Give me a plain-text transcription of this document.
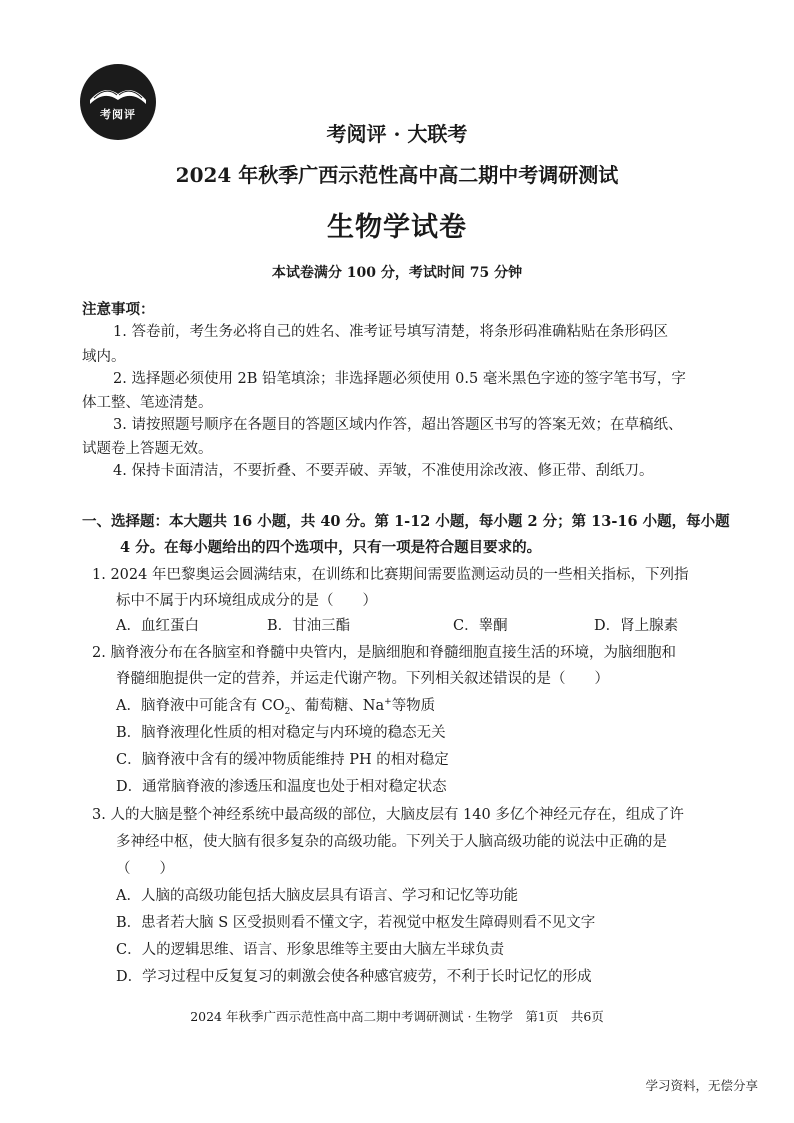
考阅评
考阅评 · 大联考
2024 年秋季广西示范性高中高二期中考调研测试
生物学试卷
本试卷满分 100 分，考试时间 75 分钟
注意事项：
1. 答卷前，考生务必将自己的姓名、准考证号填写清楚，将条形码准确粘贴在条形码区
域内。
2. 选择题必须使用 2B 铅笔填涂；非选择题必须使用 0.5 毫米黑色字迹的签字笔书写，字
体工整、笔迹清楚。
3. 请按照题号顺序在各题目的答题区域内作答，超出答题区书写的答案无效；在草稿纸、
试题卷上答题无效。
4. 保持卡面清洁，不要折叠、不要弄破、弄皱，不准使用涂改液、修正带、刮纸刀。
一、选择题：本大题共 16 小题，共 40 分。第 1-12 小题，每小题 2 分；第 13-16 小题，每小题
4 分。在每小题给出的四个选项中，只有一项是符合题目要求的。
1. 2024 年巴黎奥运会圆满结束，在训练和比赛期间需要监测运动员的一些相关指标，下列指
标中不属于内环境组成成分的是（　　）
A．血红蛋白	B．甘油三酯	C．睾酮	D．肾上腺素
2. 脑脊液分布在各脑室和脊髓中央管内，是脑细胞和脊髓细胞直接生活的环境，为脑细胞和
脊髓细胞提供一定的营养，并运走代谢产物。下列相关叙述错误的是（　　）
A．脑脊液中可能含有 $CO_2$、葡萄糖、Na+等物质
B．脑脊液理化性质的相对稳定与内环境的稳态无关
C．脑脊液中含有的缓冲物质能维持 PH 的相对稳定
D．通常脑脊液的渗透压和温度也处于相对稳定状态
3. 人的大脑是整个神经系统中最高级的部位，大脑皮层有 140 多亿个神经元存在，组成了许
多神经中枢，使大脑有很多复杂的高级功能。下列关于人脑高级功能的说法中正确的是
（　　）
A．人脑的高级功能包括大脑皮层具有语言、学习和记忆等功能
B．患者若大脑 S 区受损则看不懂文字，若视觉中枢发生障碍则看不见文字
C．人的逻辑思维、语言、形象思维等主要由大脑左半球负责
D．学习过程中反复复习的刺激会使各种感官疲劳，不利于长时记忆的形成
2024 年秋季广西示范性高中高二期中考调研测试 · 生物学　第1页　共6页
学习资料，无偿分享
